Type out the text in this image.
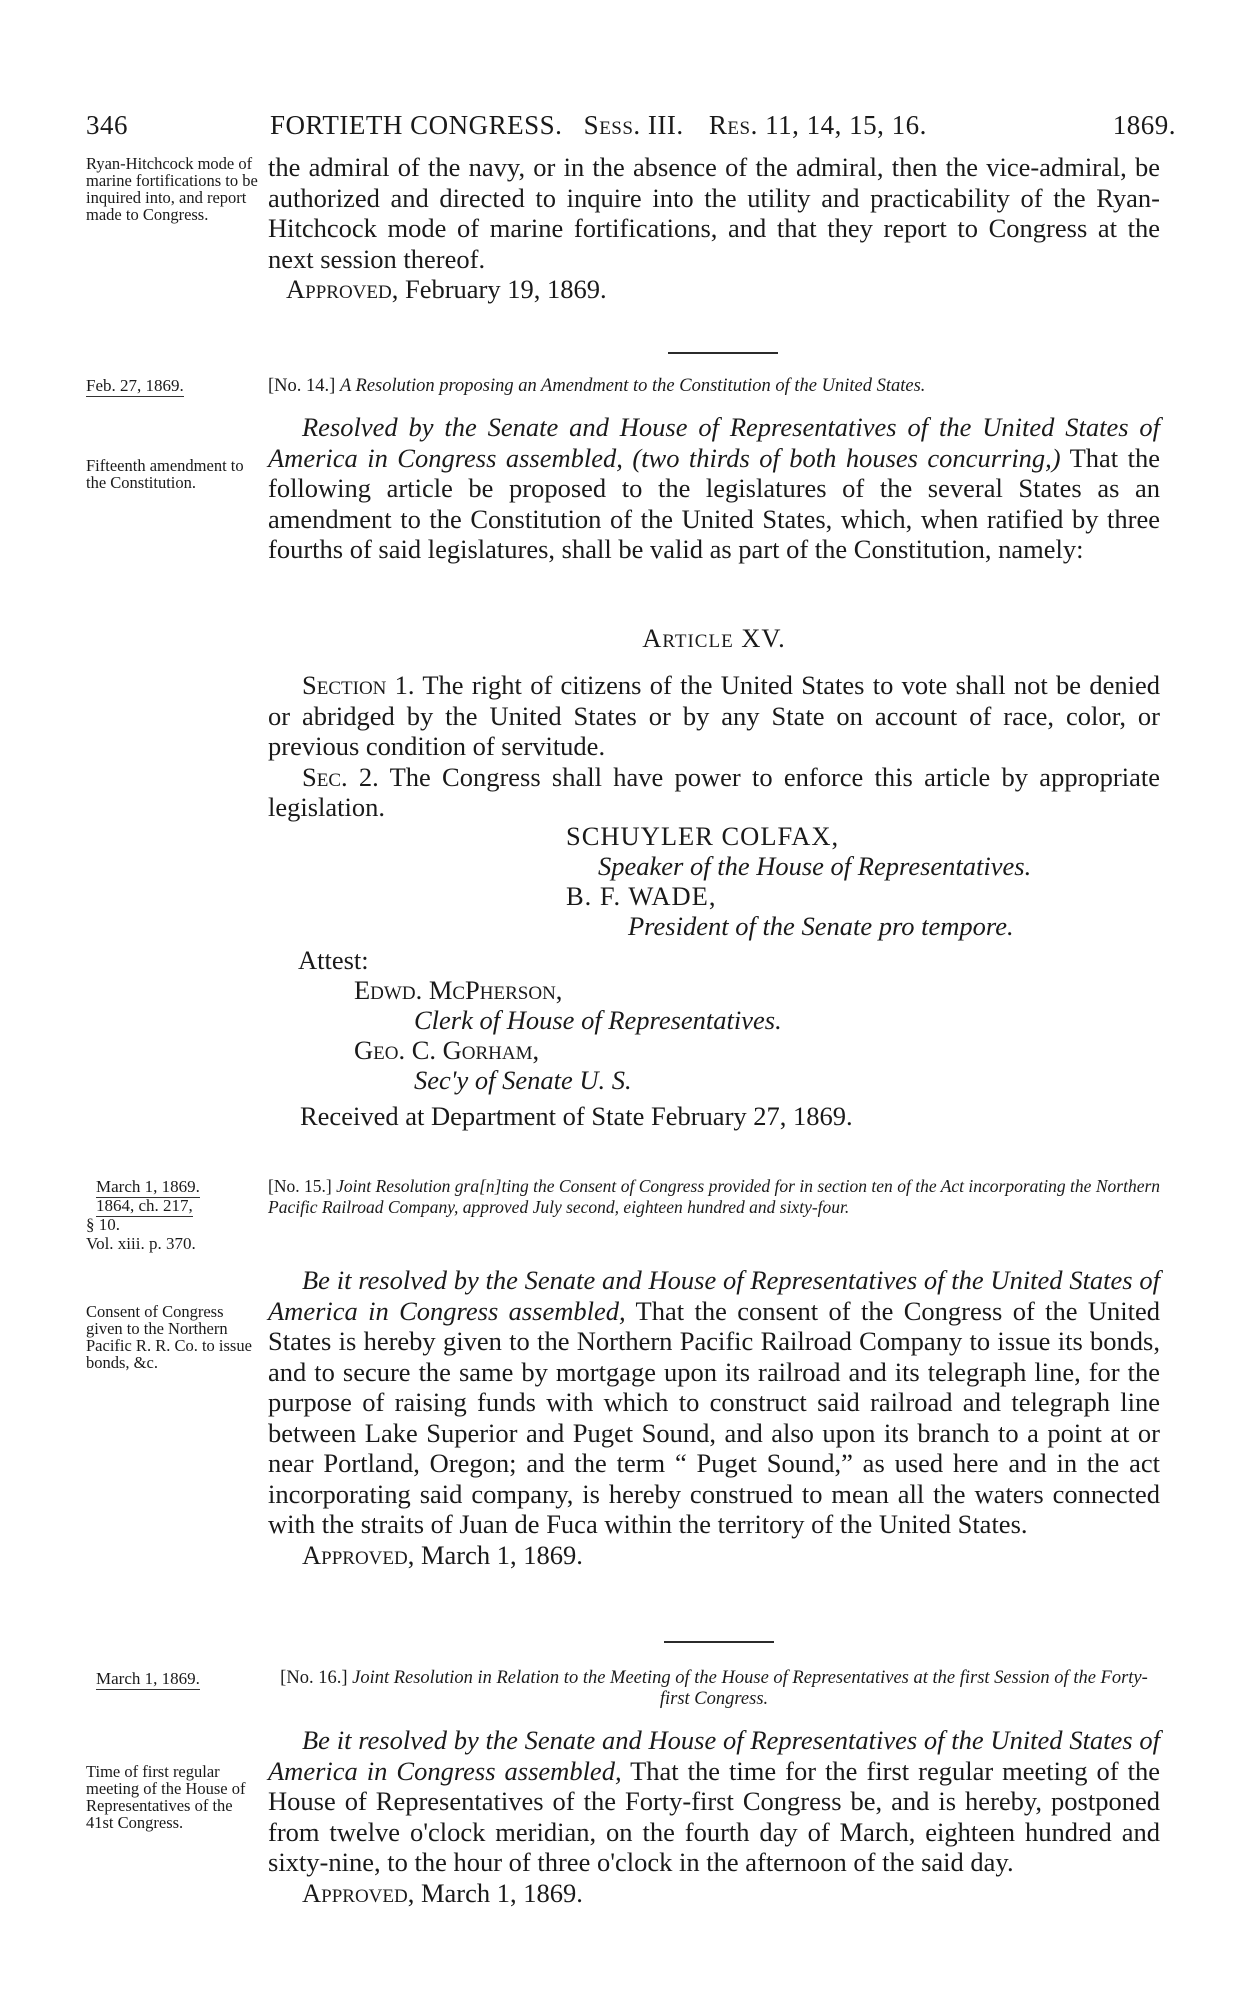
346	FORTIETH CONGRESS. Sess. III. Res. 11, 14, 15, 16.	1869.
Ryan-Hitchcock mode of marine fortifications to be inquired into, and report made to Congress.

the admiral of the navy, or in the absence of the admiral, then the vice-admiral, be authorized and directed to inquire into the utility and practicability of the Ryan-Hitchcock mode of marine fortifications, and that they report to Congress at the next session thereof.

Approved, February 19, 1869.

Feb. 27, 1869.	[No. 14.] A Resolution proposing an Amendment to the Constitution of the United States.
Fifteenth amendment to the Constitution.

Resolved by the Senate and House of Representatives of the United States of America in Congress assembled, (two thirds of both houses concurring,) That the following article be proposed to the legislatures of the several States as an amendment to the Constitution of the United States, which, when ratified by three fourths of said legislatures, shall be valid as part of the Constitution, namely:

Article XV.

Section 1. The right of citizens of the United States to vote shall not be denied or abridged by the United States or by any State on account of race, color, or previous condition of servitude.

Sec. 2. The Congress shall have power to enforce this article by appropriate legislation.

SCHUYLER COLFAX,
Speaker of the House of Representatives.
B. F. WADE,
President of the Senate pro tempore.
Attest:
Edwd. McPherson,
Clerk of House of Representatives.
Geo. C. Gorham,
Sec'y of Senate U. S.
Received at Department of State February 27, 1869.
March 1, 1869.
1864, ch. 217,
§ 10.
Vol. xiii. p. 370.
[No. 15.] Joint Resolution gra[n]ting the Consent of Congress provided for in section ten of the Act incorporating the Northern Pacific Railroad Company, approved July second, eighteen hundred and sixty-four.
Consent of Congress given to the Northern Pacific R. R. Co. to issue bonds, &c.

Be it resolved by the Senate and House of Representatives of the United States of America in Congress assembled, That the consent of the Congress of the United States is hereby given to the Northern Pacific Railroad Company to issue its bonds, and to secure the same by mortgage upon its railroad and its telegraph line, for the purpose of raising funds with which to construct said railroad and telegraph line between Lake Superior and Puget Sound, and also upon its branch to a point at or near Portland, Oregon; and the term “ Puget Sound,” as used here and in the act incorporating said company, is hereby construed to mean all the waters connected with the straits of Juan de Fuca within the territory of the United States.

Approved, March 1, 1869.

March 1, 1869.	[No. 16.] Joint Resolution in Relation to the Meeting of the House of Representatives at the first Session of the Forty-first Congress.
Time of first regular meeting of the House of Representatives of the 41st Congress.

Be it resolved by the Senate and House of Representatives of the United States of America in Congress assembled, That the time for the first regular meeting of the House of Representatives of the Forty-first Congress be, and is hereby, postponed from twelve o'clock meridian, on the fourth day of March, eighteen hundred and sixty-nine, to the hour of three o'clock in the afternoon of the said day.

Approved, March 1, 1869.
